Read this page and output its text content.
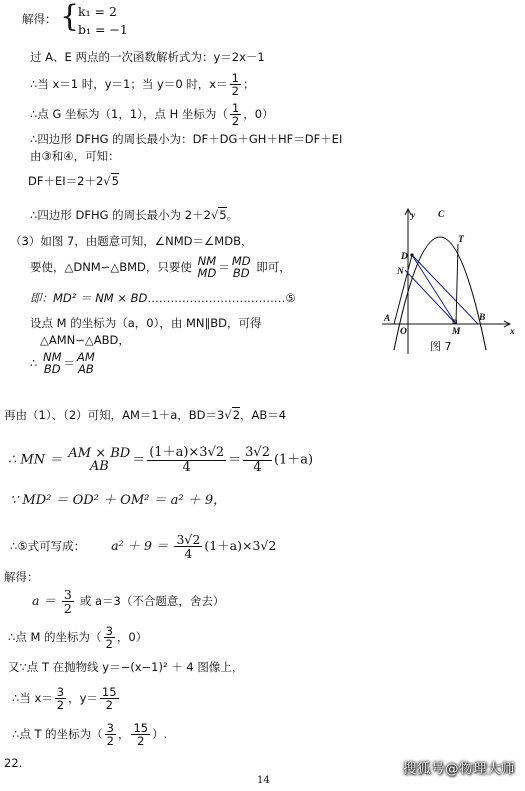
解得： {
k₁ = 2
b₁ = −1
过 A、E 两点的一次函数解析式为：y＝2x－1
∴当 x＝1 时，y＝1；当 y＝0 时，$x= \frac{1}{2}$ ；
∴点 G 坐标为（1，1），点 H 坐标为（ $\frac{1}{2}$ ，0）
∴四边形 DFHG 的周长最小为：DF＋DG＋GH＋HF＝DF＋EI
由③和④，可知：
DF＋EI＝2＋2√5
∴四边形 DFHG 的周长最小为 2＋2√5。
（3）如图 7，由题意可知，∠NMD＝∠MDB，
要使，△DNM∽△BMD，只要使 NM
MD ＝ MD
BD 即可，
即：MD² ＝ NM × BD………………………………⑤
设点 M 的坐标为（a，0），由 MN∥BD，可得
△AMN∽△ABD，
∴ NM
BD ＝ AM
AB
y
x
C
T
D
N
A
O	M
B
图 7
再由（1）、（2）可知，AM＝1＋a，BD＝3√2，AB＝4
∴ MN ＝ AM × BD
AB ＝ $\frac{(1+a)\times 3√2}{4} = \frac{3√2}{4} (1+a)$
∵ MD² ＝ OD² ＋ OM² ＝ a² ＋ 9，
∴⑤式可写成： $a^2 + 9 = \frac{3√2}{4} (1+a)\times 3√2$
解得：
$a = \frac{3}{2}$ 或 a＝3（不合题意，舍去）
∴点 M 的坐标为（ $\frac{3}{2}$ ，0）
又∵点 T 在抛物线 y＝−(x−1)² ＋ 4 图像上，
∴当 $x= \frac{3}{2}$ ，$y= \frac{15}{2}$
∴点 T 的坐标为（ $\frac{3}{2}$ ， $\frac{15}{2}$ ）.
22.
14
搜狐号@物理大师
